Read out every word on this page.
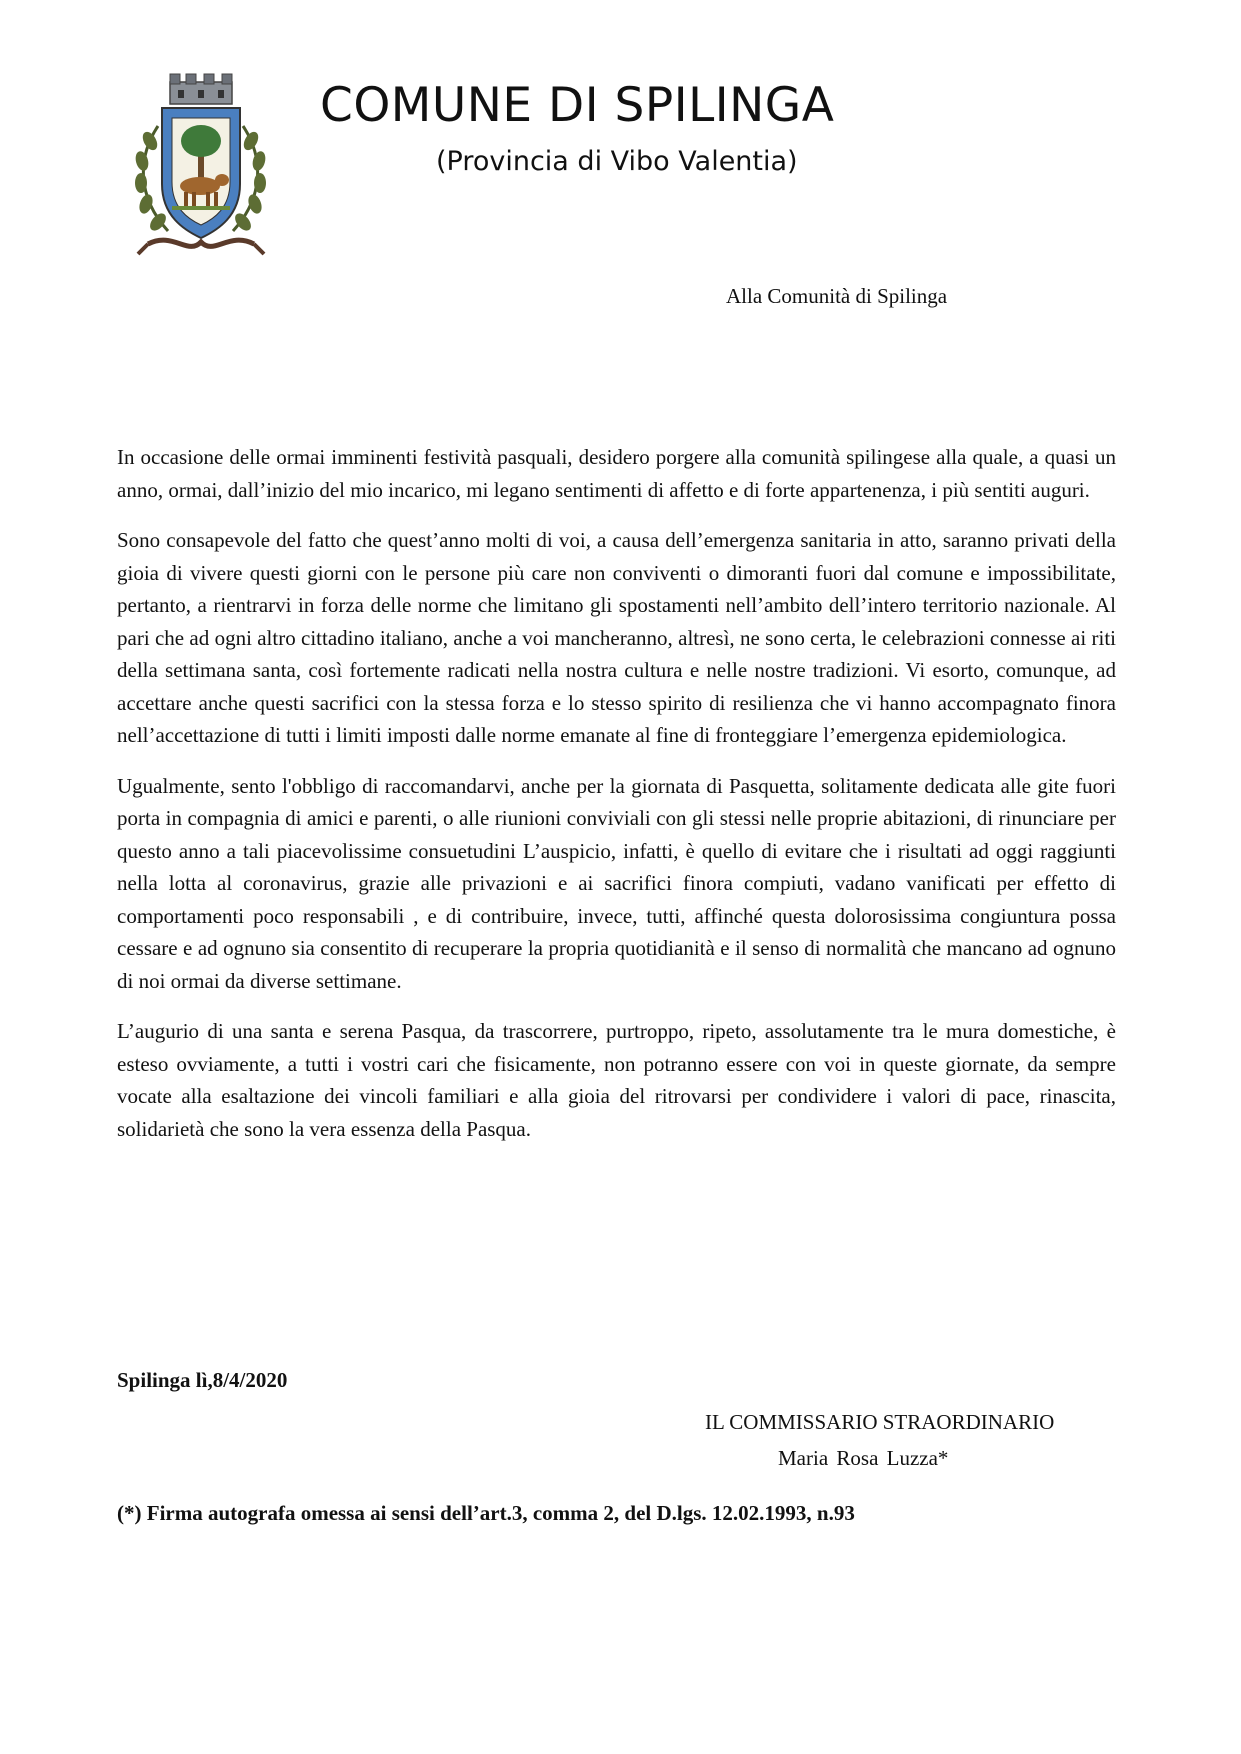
COMUNE DI SPILINGA
(Provincia di Vibo Valentia)
Alla Comunità di Spilinga

In occasione delle ormai imminenti festività pasquali, desidero porgere alla comunità spilingese alla quale, a quasi un anno, ormai, dall’inizio del mio incarico, mi legano sentimenti di affetto e di forte appartenenza, i più sentiti auguri.

Sono consapevole del fatto che quest’anno molti di voi, a causa dell’emergenza sanitaria in atto, saranno privati della gioia di vivere questi giorni con le persone più care non conviventi o dimoranti fuori dal comune e impossibilitate, pertanto, a rientrarvi in forza delle norme che limitano gli spostamenti nell’ambito dell’intero territorio nazionale. Al pari che ad ogni altro cittadino italiano, anche a voi mancheranno, altresì, ne sono certa, le celebrazioni connesse ai riti della settimana santa, così fortemente radicati nella nostra cultura e nelle nostre tradizioni. Vi esorto, comunque, ad accettare anche questi sacrifici con la stessa forza e lo stesso spirito di resilienza che vi hanno accompagnato finora nell’accettazione di tutti i limiti imposti dalle norme emanate al fine di fronteggiare l’emergenza epidemiologica.

Ugualmente, sento l'obbligo di raccomandarvi, anche per la giornata di Pasquetta, solitamente dedicata alle gite fuori porta in compagnia di amici e parenti, o alle riunioni conviviali con gli stessi nelle proprie abitazioni, di rinunciare per questo anno a tali piacevolissime consuetudini L’auspicio, infatti, è quello di evitare che i risultati ad oggi raggiunti nella lotta al coronavirus, grazie alle privazioni e ai sacrifici finora compiuti, vadano vanificati per effetto di comportamenti poco responsabili , e di contribuire, invece, tutti, affinché questa dolorosissima congiuntura possa cessare e ad ognuno sia consentito di recuperare la propria quotidianità e il senso di normalità che mancano ad ognuno di noi ormai da diverse settimane.

L’augurio di una santa e serena Pasqua, da trascorrere, purtroppo, ripeto, assolutamente tra le mura domestiche, è esteso ovviamente, a tutti i vostri cari che fisicamente, non potranno essere con voi in queste giornate, da sempre vocate alla esaltazione dei vincoli familiari e alla gioia del ritrovarsi per condividere i valori di pace, rinascita, solidarietà che sono la vera essenza della Pasqua.

Spilinga lì,8/4/2020
IL COMMISSARIO STRAORDINARIO
Maria Rosa Luzza*
(*) Firma autografa omessa ai sensi dell’art.3, comma 2, del D.lgs. 12.02.1993, n.93
